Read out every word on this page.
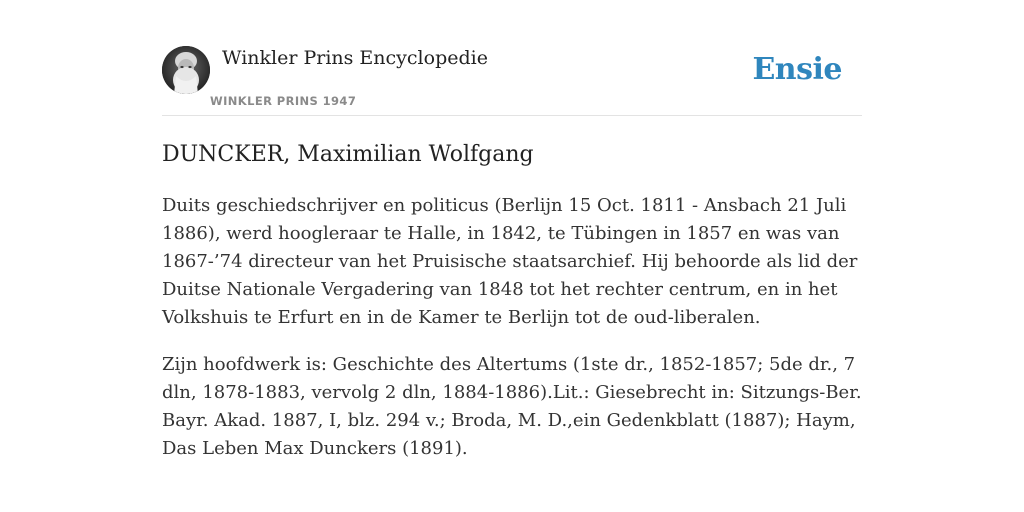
Winkler Prins Encyclopedie
WINKLER PRINS 1947
Ensie
DUNCKER, Maximilian Wolfgang

Duits geschiedschrijver en politicus (Berlijn 15 Oct. 1811 - Ansbach 21 Juli 1886), werd hoogleraar te Halle, in 1842, te Tübingen in 1857 en was van 1867-’74 directeur van het Pruisische staatsarchief. Hij behoorde als lid der Duitse Nationale Vergadering van 1848 tot het rechter centrum, en in het Volkshuis te Erfurt en in de Kamer te Berlijn tot de oud-liberalen.

Zijn hoofdwerk is: Geschichte des Altertums (1ste dr., 1852-1857; 5de dr., 7 dln, 1878-1883, vervolg 2 dln, 1884-1886).Lit.: Giesebrecht in: Sitzungs-Ber. Bayr. Akad. 1887, I, blz. 294 v.; Broda, M. D.,ein Gedenkblatt (1887); Haym, Das Leben Max Dunckers (1891).
